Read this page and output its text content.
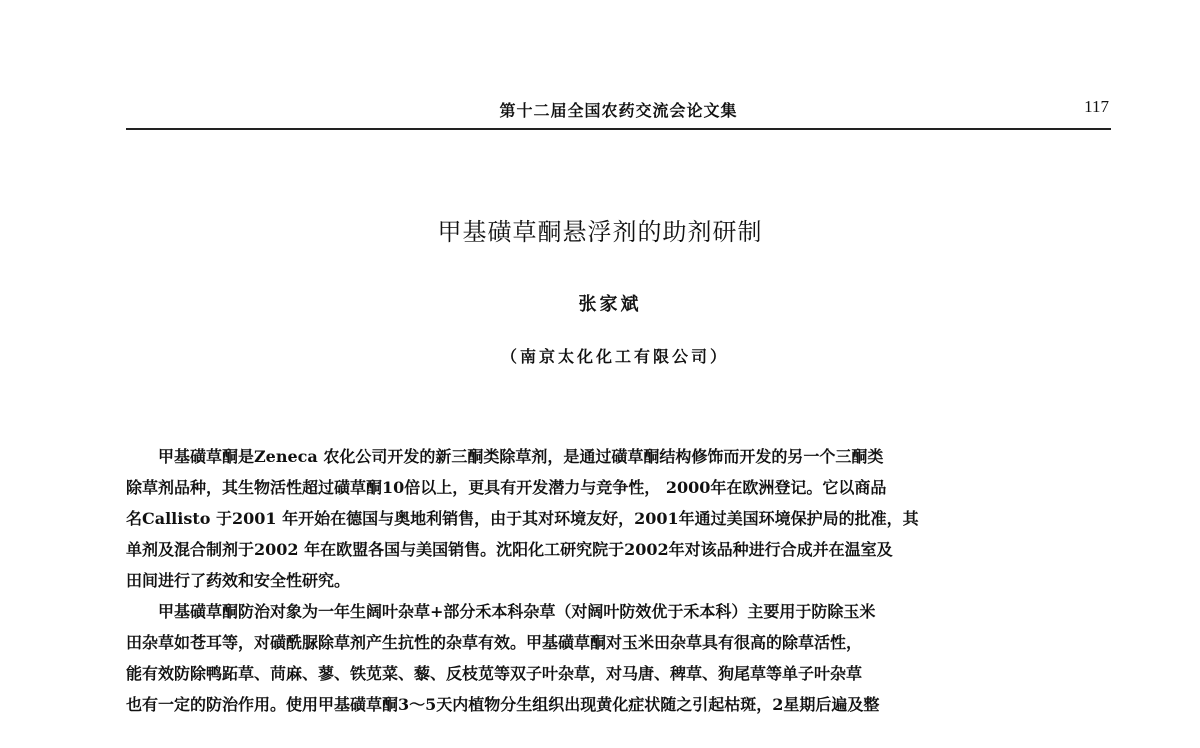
第十二届全国农药交流会论文集	117
甲基磺草酮悬浮剂的助剂研制
张家斌
（南京太化化工有限公司）

甲基磺草酮是Zeneca 农化公司开发的新三酮类除草剂，是通过磺草酮结构修饰而开发的另一个三酮类
除草剂品种，其生物活性超过磺草酮10倍以上，更具有开发潜力与竞争性， 2000年在欧洲登记。它以商品
名Callisto 于2001 年开始在德国与奥地利销售，由于其对环境友好，2001年通过美国环境保护局的批准，其
单剂及混合制剂于2002 年在欧盟各国与美国销售。沈阳化工研究院于2002年对该品种进行合成并在温室及
田间进行了药效和安全性研究。

甲基磺草酮防治对象为一年生阔叶杂草+部分禾本科杂草（对阔叶防效优于禾本科）主要用于防除玉米
田杂草如苍耳等，对磺酰脲除草剂产生抗性的杂草有效。甲基磺草酮对玉米田杂草具有很高的除草活性，
能有效防除鸭跖草、苘麻、蓼、铁苋菜、藜、反枝苋等双子叶杂草，对马唐、稗草、狗尾草等单子叶杂草
也有一定的防治作用。使用甲基磺草酮3～5天内植物分生组织出现黄化症状随之引起枯斑，2星期后遍及整
